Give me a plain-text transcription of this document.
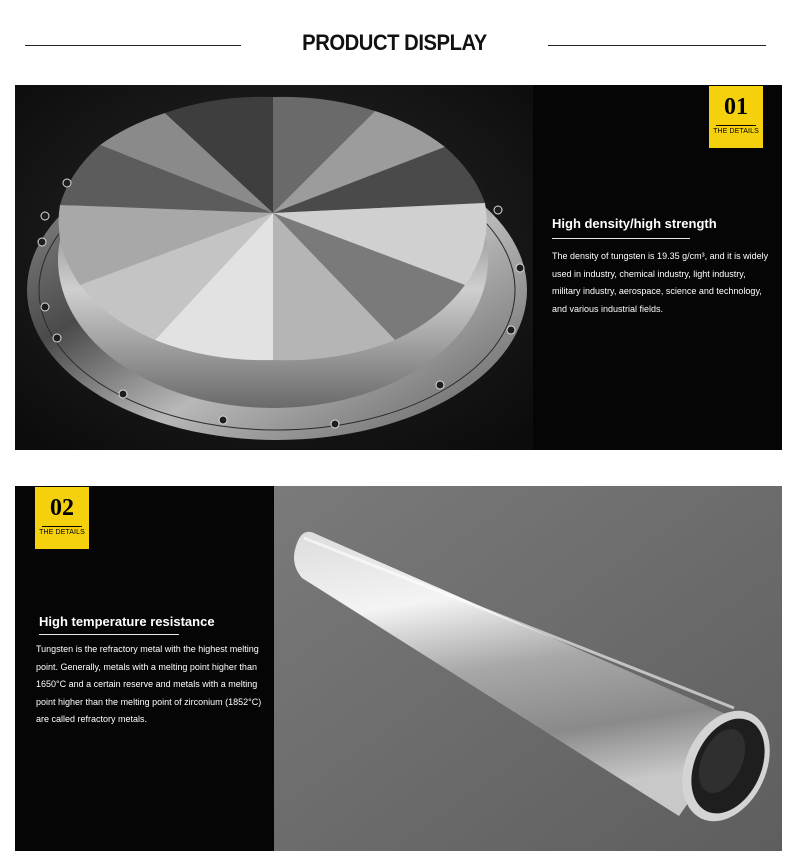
PRODUCT DISPLAY
01
THE DETAILS
High density/high strength
The density of tungsten is 19.35 g/cm³, and it is widely used in industry, chemical industry, light industry, military industry, aerospace, science and technology, and various industrial fields.
02
THE DETAILS
High temperature resistance
Tungsten is the refractory metal with the highest melting point. Generally, metals with a melting point higher than 1650°C and a certain reserve and metals with a melting point higher than the melting point of zirconium (1852°C) are called refractory metals.
